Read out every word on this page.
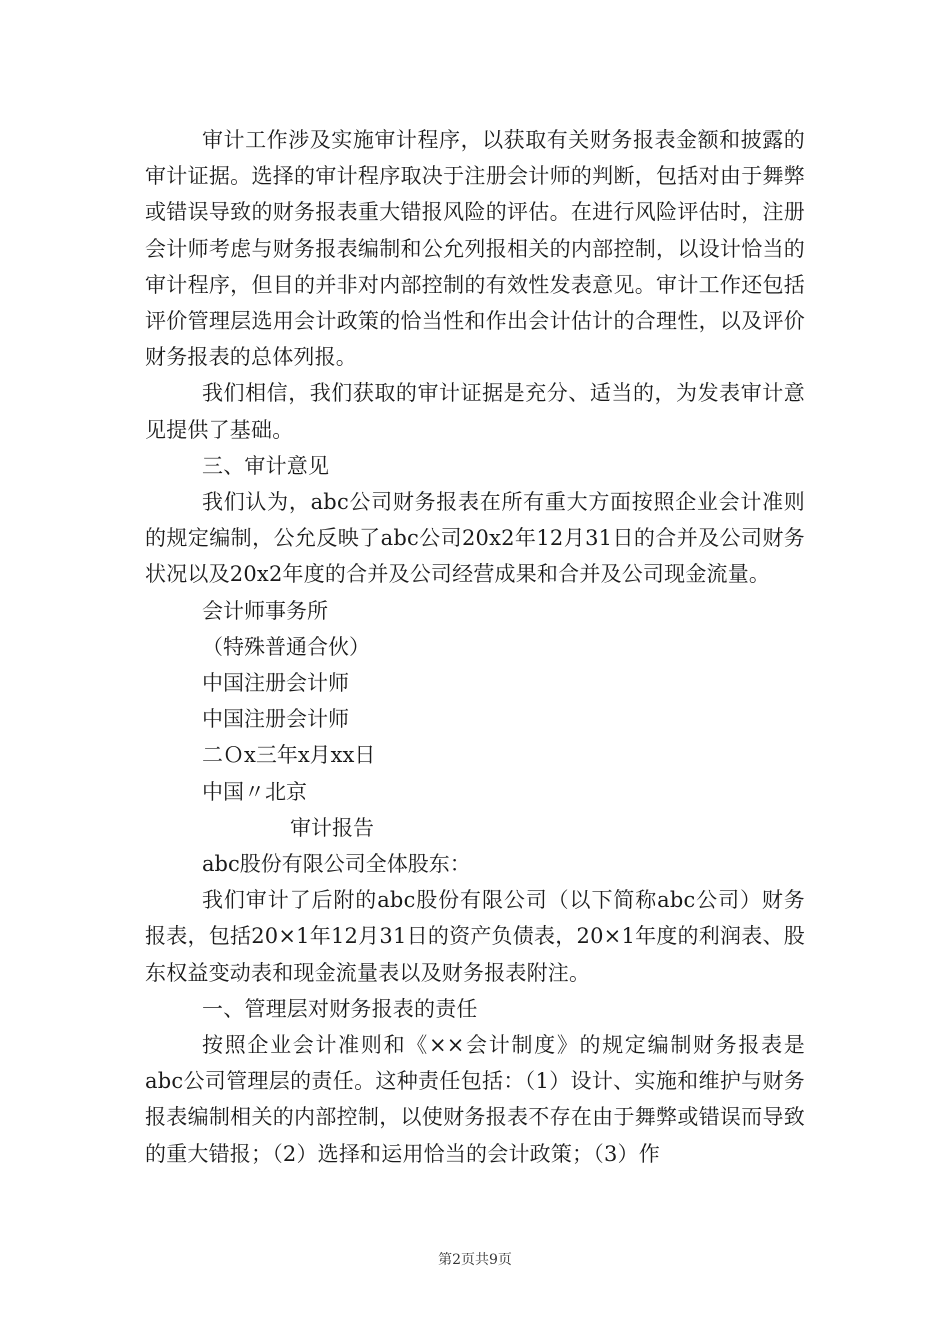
审计工作涉及实施审计程序，以获取有关财务报表金额和披露的审计证据。选择的审计程序取决于注册会计师的判断，包括对由于舞弊或错误导致的财务报表重大错报风险的评估。在进行风险评估时，注册会计师考虑与财务报表编制和公允列报相关的内部控制，以设计恰当的审计程序，但目的并非对内部控制的有效性发表意见。审计工作还包括评价管理层选用会计政策的恰当性和作出会计估计的合理性，以及评价财务报表的总体列报。

我们相信，我们获取的审计证据是充分、适当的，为发表审计意见提供了基础。

三、审计意见

我们认为，abc公司财务报表在所有重大方面按照企业会计准则的规定编制，公允反映了abc公司20x2年12月31日的合并及公司财务状况以及20x2年度的合并及公司经营成果和合并及公司现金流量。

会计师事务所

（特殊普通合伙）

中国注册会计师

中国注册会计师

二Ｏx三年x月xx日

中国〃北京

审计报告

abc股份有限公司全体股东：

我们审计了后附的abc股份有限公司（以下简称abc公司）财务报表，包括20×1年12月31日的资产负债表，20×1年度的利润表、股东权益变动表和现金流量表以及财务报表附注。

一、管理层对财务报表的责任

按照企业会计准则和《××会计制度》的规定编制财务报表是abc公司管理层的责任。这种责任包括：（1）设计、实施和维护与财务报表编制相关的内部控制，以使财务报表不存在由于舞弊或错误而导致的重大错报；（2）选择和运用恰当的会计政策；（3）作

第2页共9页
